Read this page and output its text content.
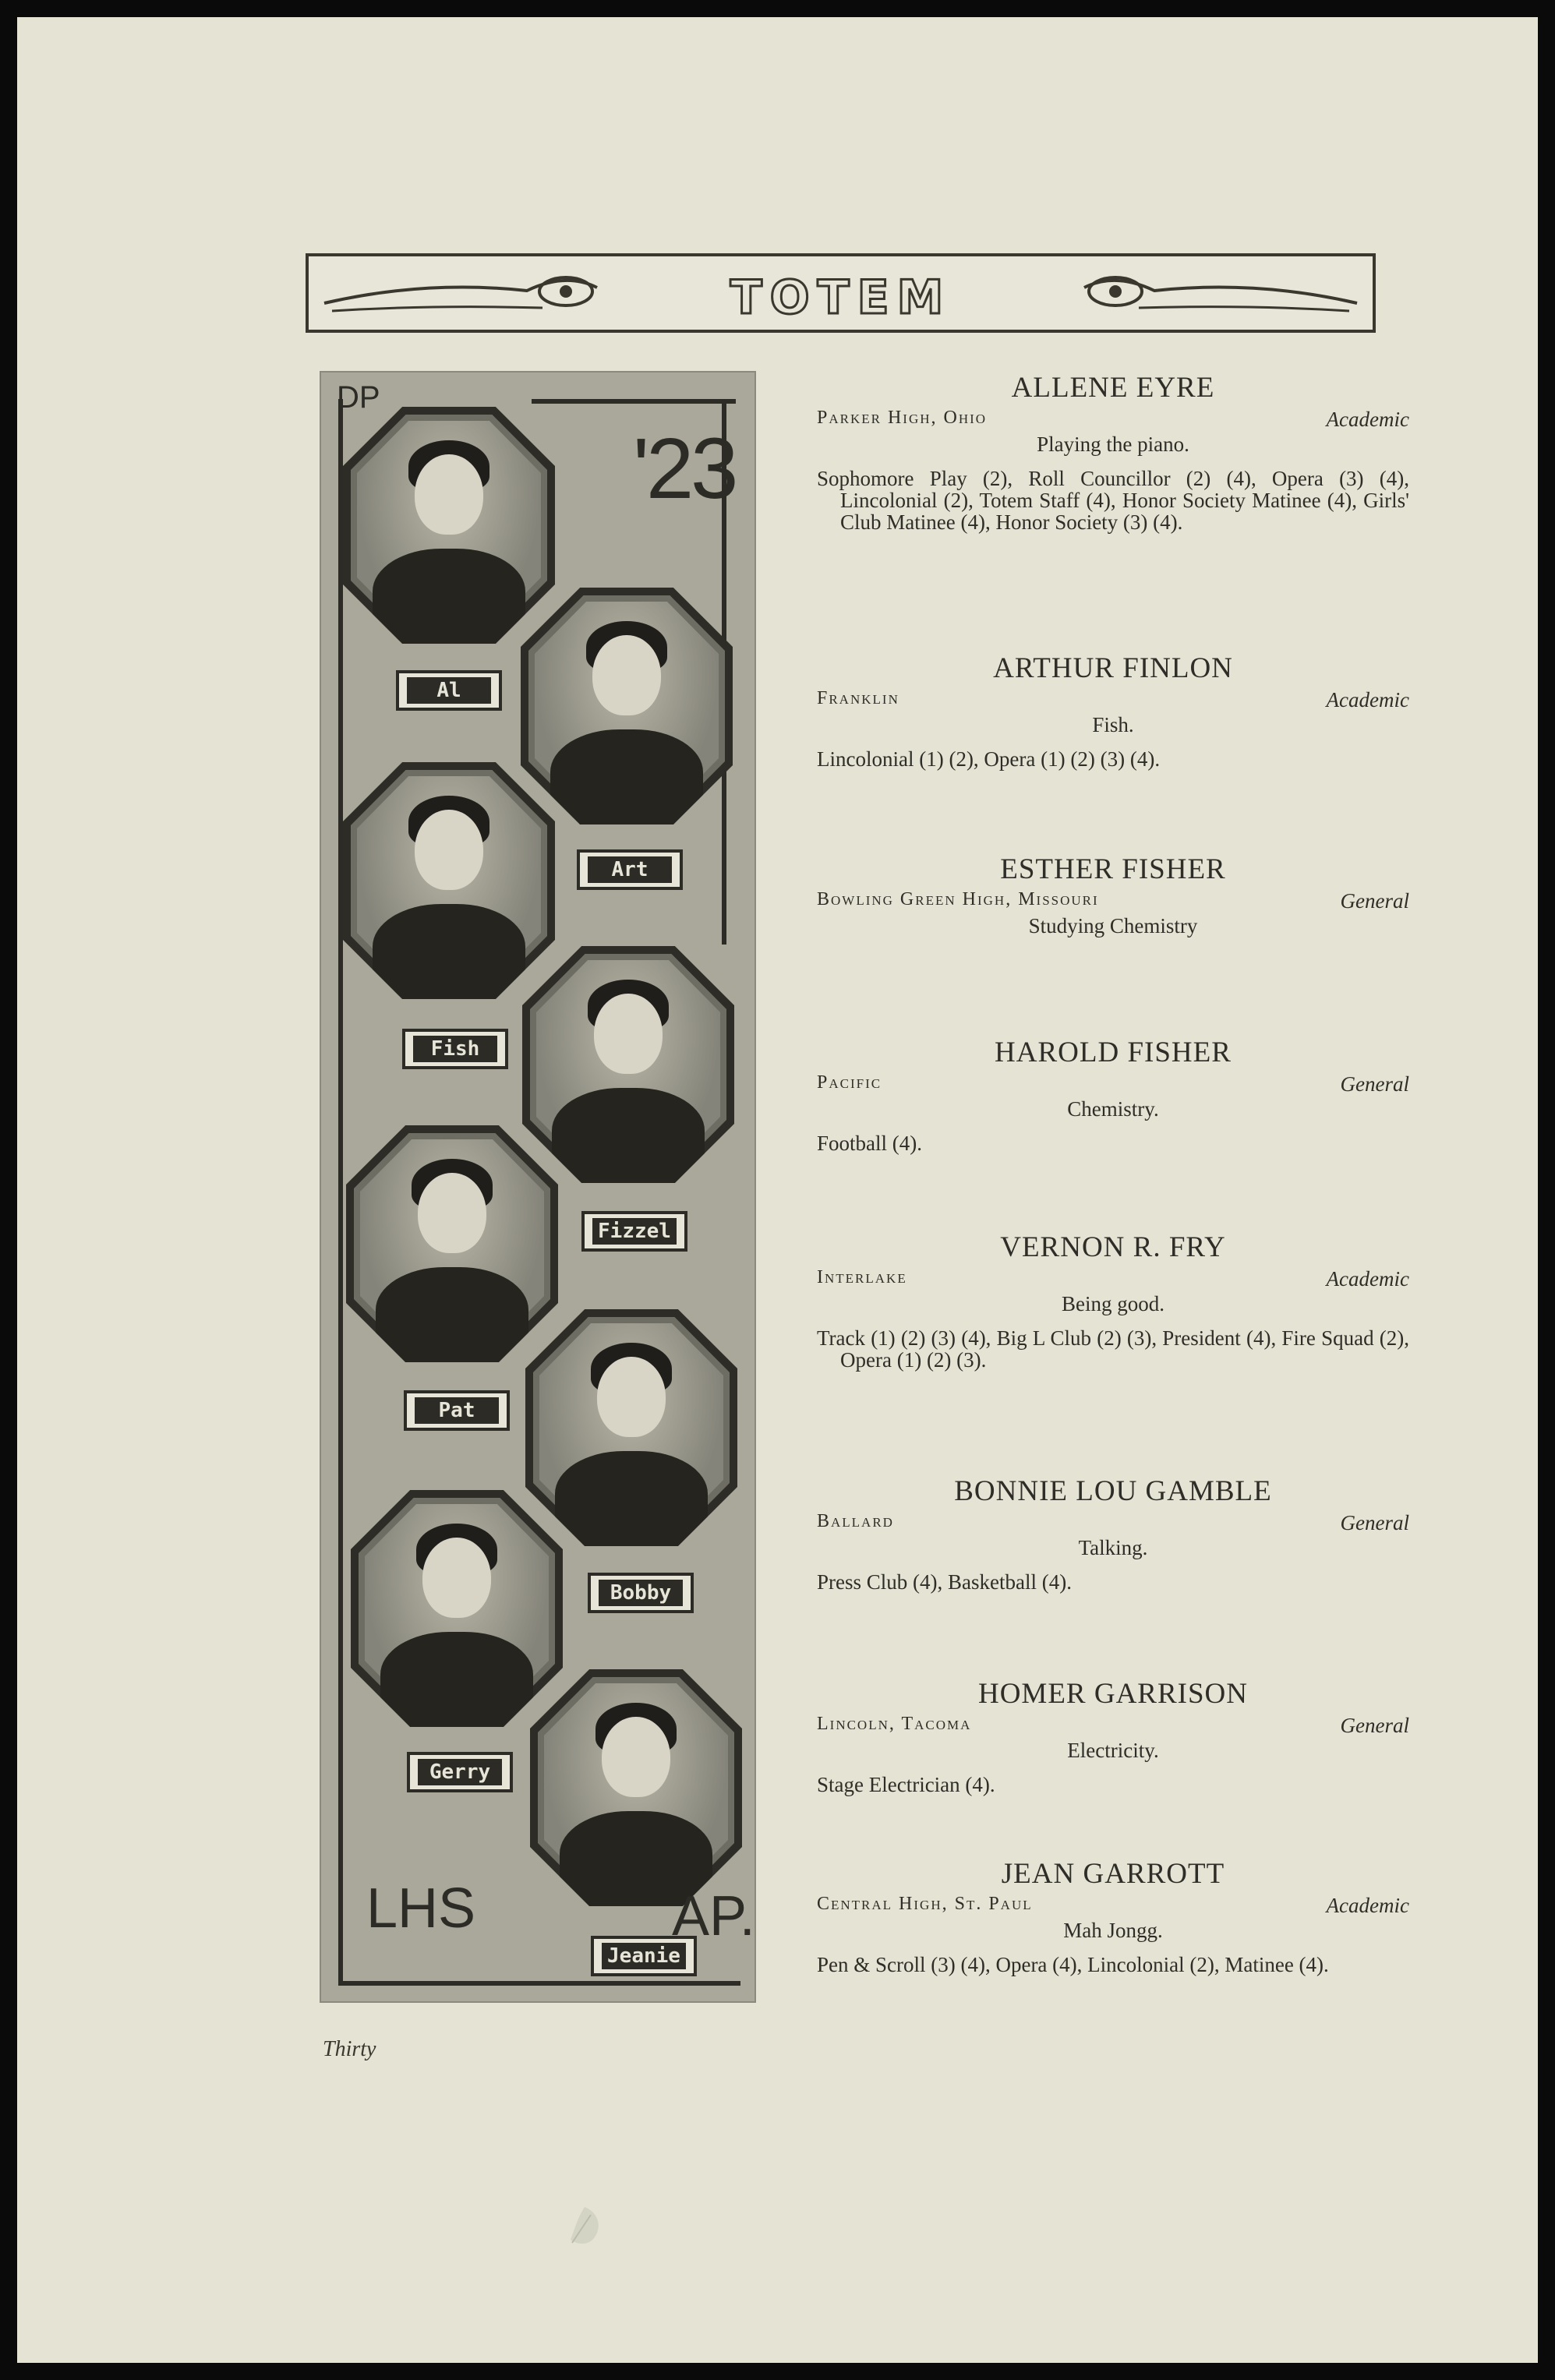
TOTEM
DP
'23
Al
Art
Fish
Fizzel
Pat
Bobby
Gerry
Jeanie
LHS	AP.

ALLENE EYRE

Parker High, Ohio	Academic
Playing the piano.
Sophomore Play (2), Roll Councillor (2) (4), Opera (3) (4), Lincolonial (2), Totem Staff (4), Honor Society Matinee (4), Girls' Club Matinee (4), Honor Society (3) (4).

ARTHUR FINLON

Franklin	Academic
Fish.
Lincolonial (1) (2), Opera (1) (2) (3) (4).

ESTHER FISHER

Bowling Green High, Missouri	General
Studying Chemistry

HAROLD FISHER

Pacific	General
Chemistry.
Football (4).

VERNON R. FRY

Interlake	Academic
Being good.
Track (1) (2) (3) (4), Big L Club (2) (3), President (4), Fire Squad (2), Opera (1) (2) (3).

BONNIE LOU GAMBLE

Ballard	General
Talking.
Press Club (4), Basketball (4).

HOMER GARRISON

Lincoln, Tacoma	General
Electricity.
Stage Electrician (4).

JEAN GARROTT

Central High, St. Paul	Academic
Mah Jongg.
Pen & Scroll (3) (4), Opera (4), Lincolonial (2), Matinee (4).
Thirty
